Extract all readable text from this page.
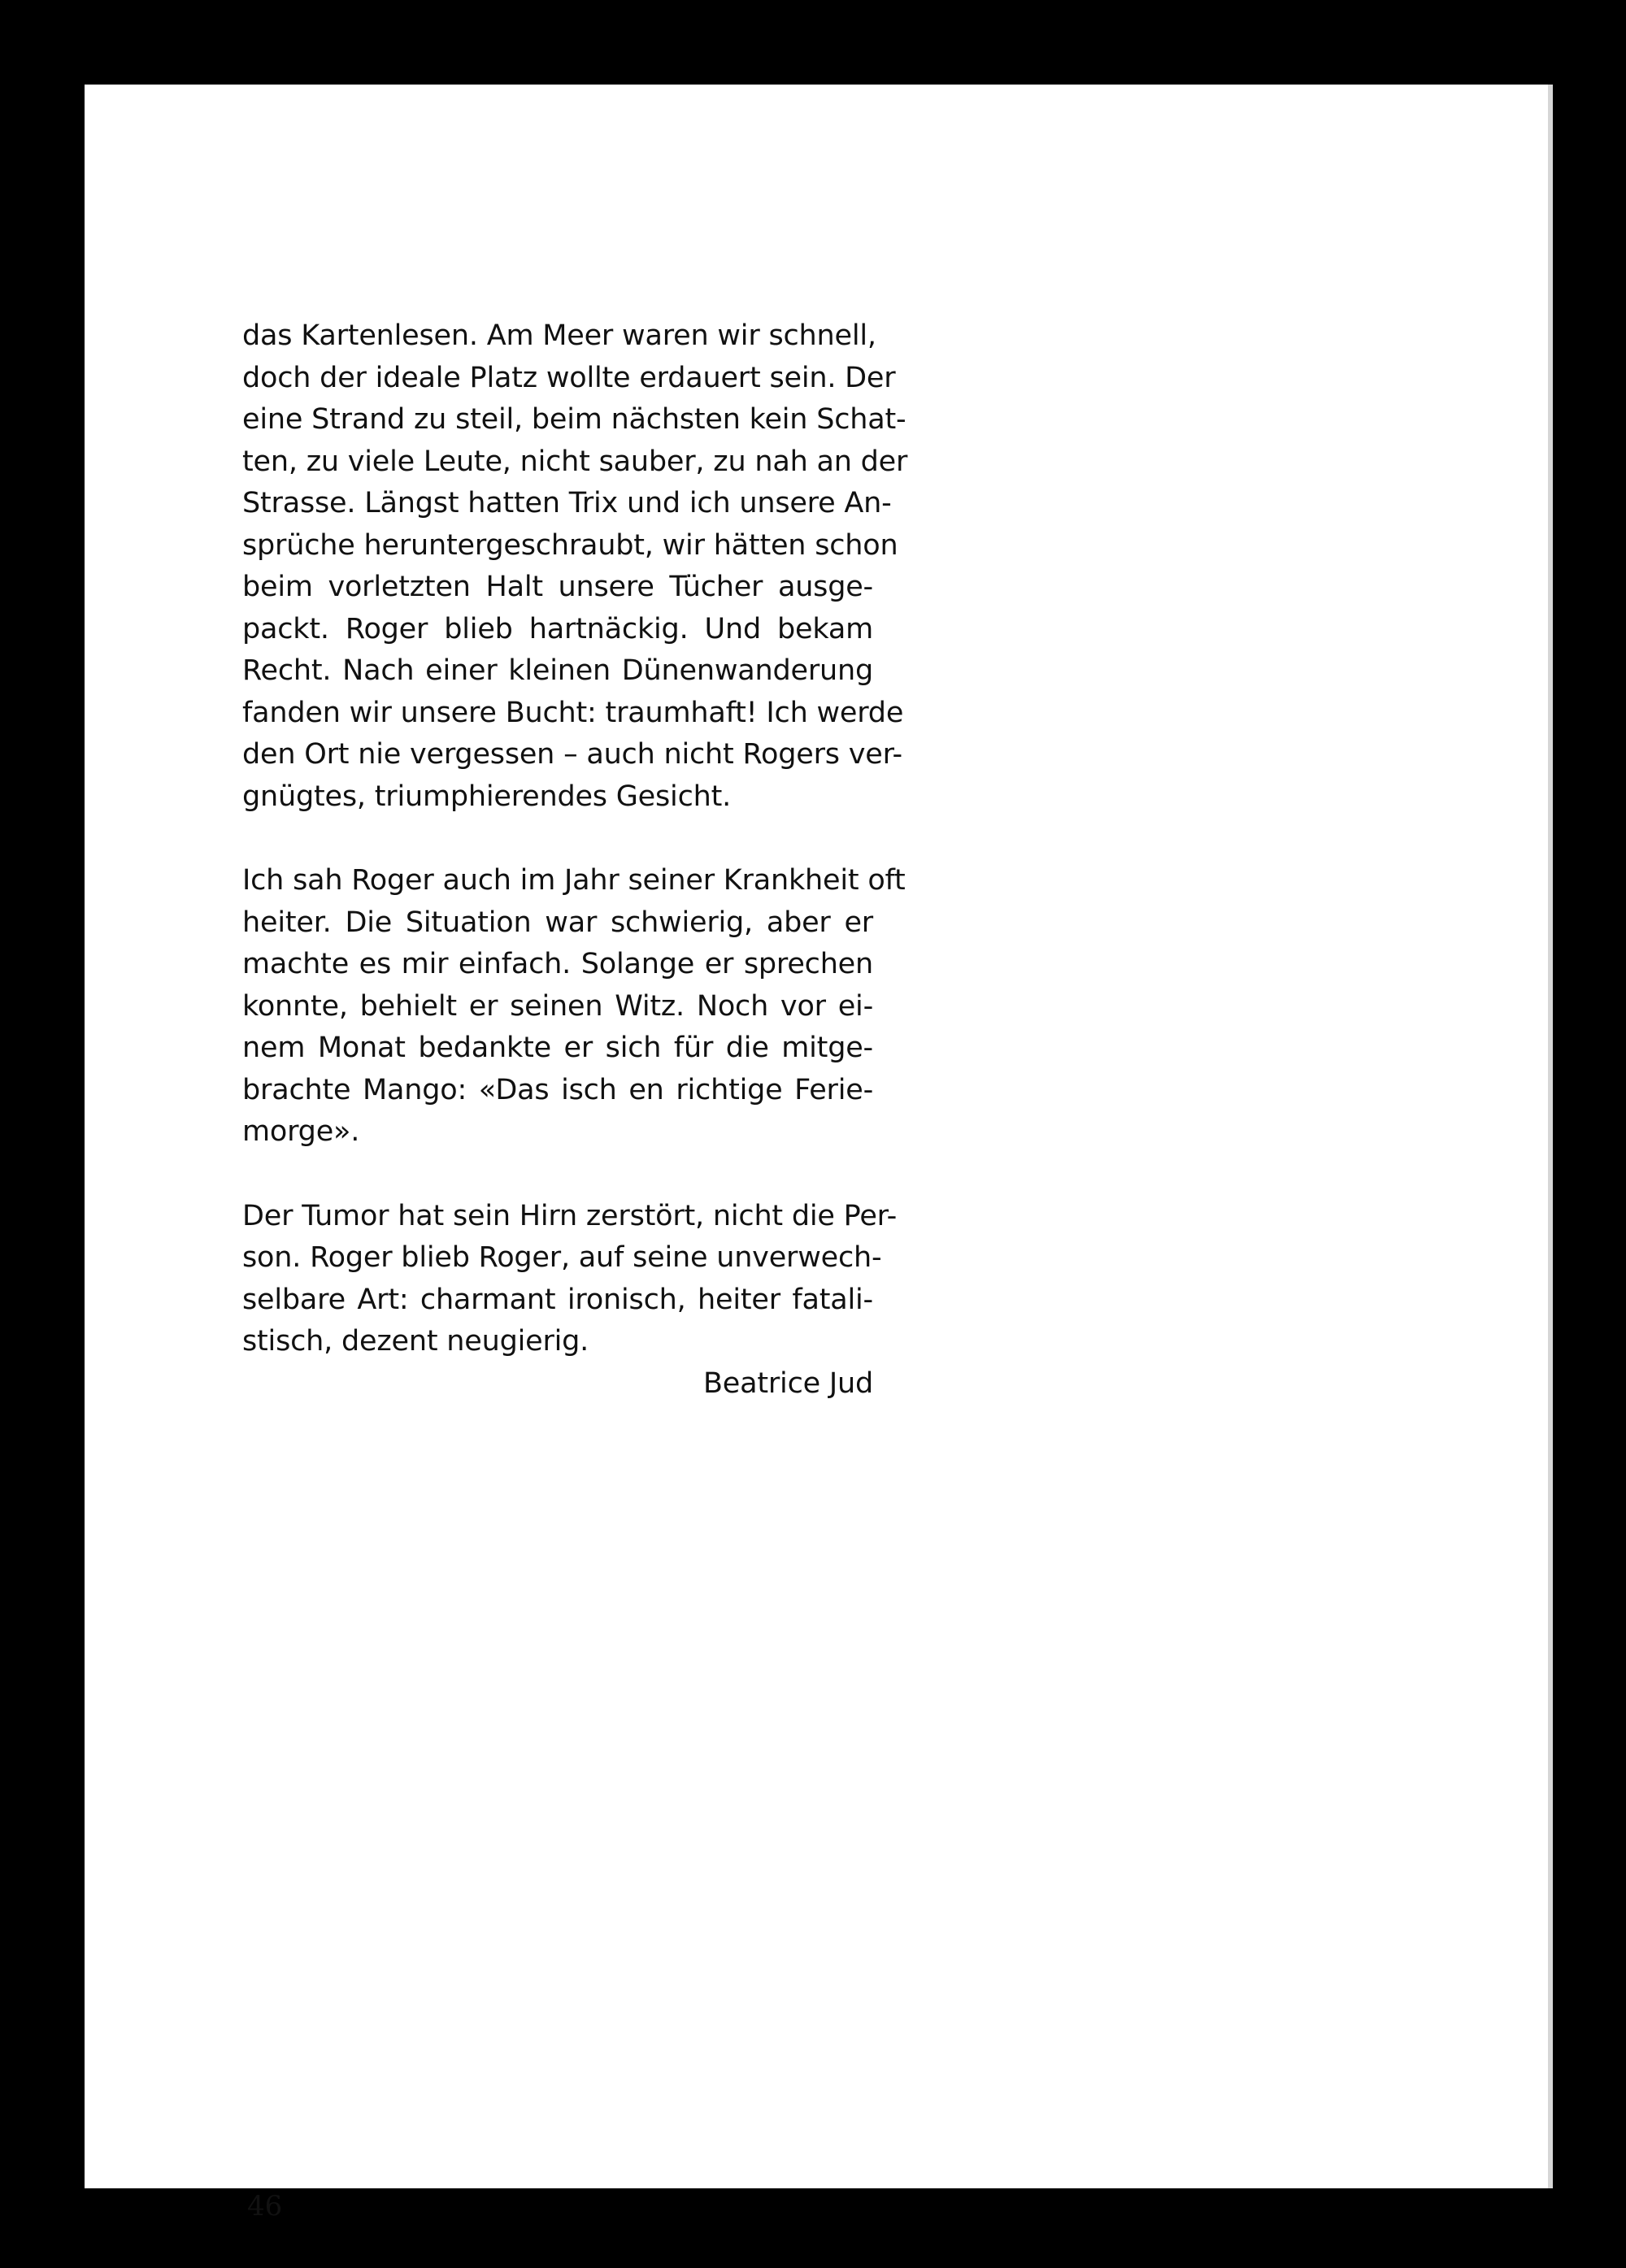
das Kartenlesen. Am Meer waren wir schnell,
doch der ideale Platz wollte erdauert sein. Der
eine Strand zu steil, beim nächsten kein Schat-
ten, zu viele Leute, nicht sauber, zu nah an der
Strasse. Längst hatten Trix und ich unsere An-
sprüche heruntergeschraubt, wir hätten schon
beim vorletzten Halt unsere Tücher ausge-
packt. Roger blieb hartnäckig. Und bekam
Recht. Nach einer kleinen Dünenwanderung
fanden wir unsere Bucht: traumhaft! Ich werde
den Ort nie vergessen – auch nicht Rogers ver-
gnügtes, triumphierendes Gesicht.
Ich sah Roger auch im Jahr seiner Krankheit oft
heiter. Die Situation war schwierig, aber er
machte es mir einfach. Solange er sprechen
konnte, behielt er seinen Witz. Noch vor ei-
nem Monat bedankte er sich für die mitge-
brachte Mango: «Das isch en richtige Ferie-
morge».
Der Tumor hat sein Hirn zerstört, nicht die Per-
son. Roger blieb Roger, auf seine unverwech-
selbare Art: charmant ironisch, heiter fatali-
stisch, dezent neugierig.
Beatrice Jud
46
